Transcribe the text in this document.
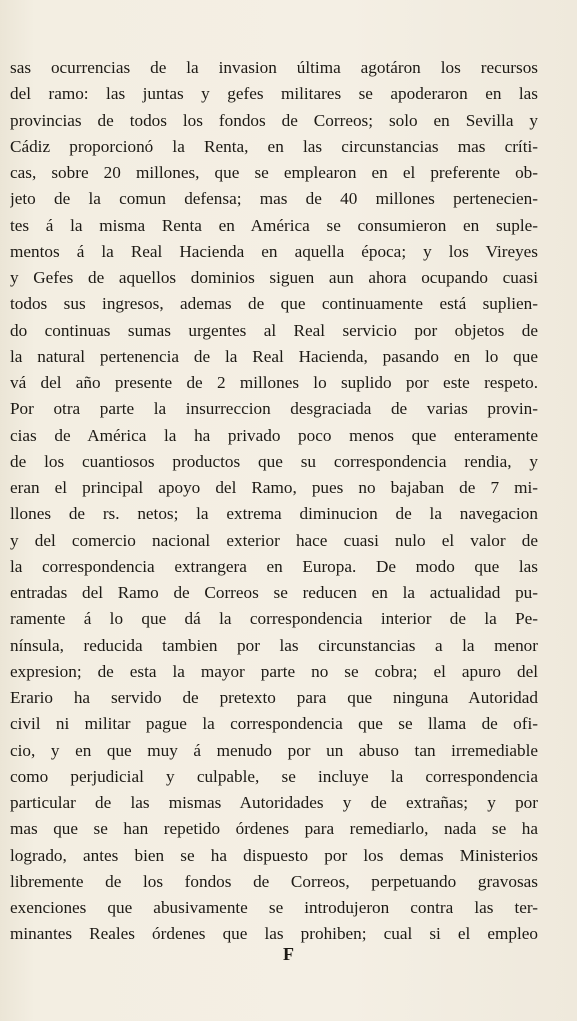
sas ocurrencias de la invasion última agotáron los recursos
del ramo: las juntas y gefes militares se apoderaron en las
provincias de todos los fondos de Correos; solo en Sevilla y
Cádiz proporcionó la Renta, en las circunstancias mas críti-
cas, sobre 20 millones, que se emplearon en el preferente ob-
jeto de la comun defensa; mas de 40 millones pertenecien-
tes á la misma Renta en América se consumieron en suple-
mentos á la Real Hacienda en aquella época; y los Vireyes
y Gefes de aquellos dominios siguen aun ahora ocupando cuasi
todos sus ingresos, ademas de que continuamente está suplien-
do continuas sumas urgentes al Real servicio por objetos de
la natural pertenencia de la Real Hacienda, pasando en lo que
vá del año presente de 2 millones lo suplido por este respeto.
Por otra parte la insurreccion desgraciada de varias provin-
cias de América la ha privado poco menos que enteramente
de los cuantiosos productos que su correspondencia rendia, y
eran el principal apoyo del Ramo, pues no bajaban de 7 mi-
llones de rs. netos; la extrema diminucion de la navegacion
y del comercio nacional exterior hace cuasi nulo el valor de
la correspondencia extrangera en Europa. De modo que las
entradas del Ramo de Correos se reducen en la actualidad pu-
ramente á lo que dá la correspondencia interior de la Pe-
nínsula, reducida tambien por las circunstancias a la menor
expresion; de esta la mayor parte no se cobra; el apuro del
Erario ha servido de pretexto para que ninguna Autoridad
civil ni militar pague la correspondencia que se llama de ofi-
cio, y en que muy á menudo por un abuso tan irremediable
como perjudicial y culpable, se incluye la correspondencia
particular de las mismas Autoridades y de extrañas; y por
mas que se han repetido órdenes para remediarlo, nada se ha
logrado, antes bien se ha dispuesto por los demas Ministerios
libremente de los fondos de Correos, perpetuando gravosas
exenciones que abusivamente se introdujeron contra las ter-
minantes Reales órdenes que las prohiben; cual si el empleo
F
